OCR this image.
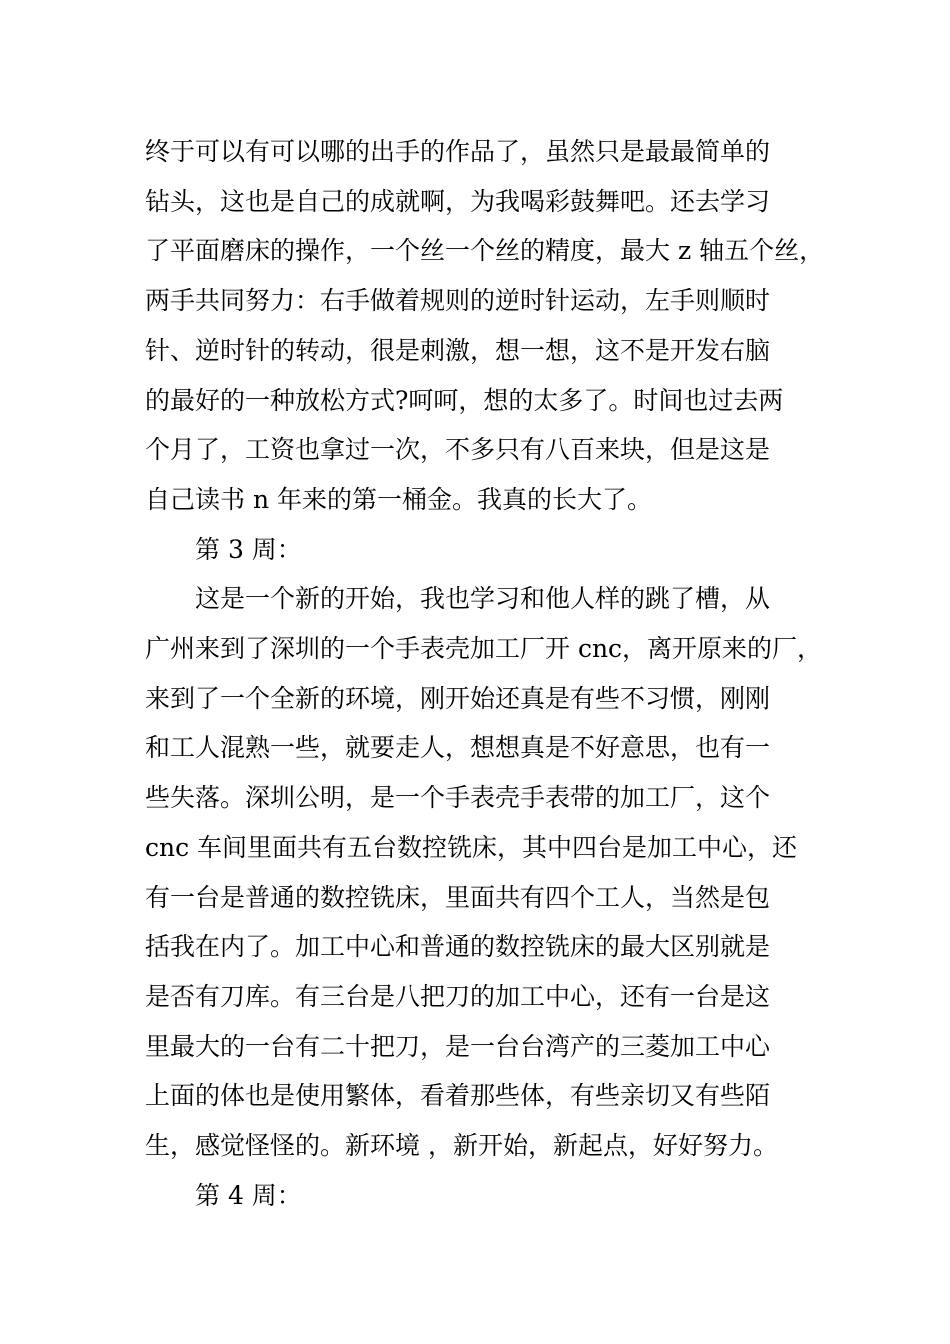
终于可以有可以哪的出手的作品了，虽然只是最最简单的
钻头，这也是自己的成就啊，为我喝彩鼓舞吧。还去学习
了平面磨床的操作，一个丝一个丝的精度，最大 z 轴五个丝，
两手共同努力：右手做着规则的逆时针运动，左手则顺时
针、逆时针的转动，很是刺激，想一想，这不是开发右脑
的最好的一种放松方式?呵呵，想的太多了。时间也过去两
个月了，工资也拿过一次，不多只有八百来块，但是这是
自己读书 n 年来的第一桶金。我真的长大了。
第 3 周：
这是一个新的开始，我也学习和他人样的跳了槽，从
广州来到了深圳的一个手表壳加工厂开 cnc，离开原来的厂，
来到了一个全新的环境，刚开始还真是有些不习惯，刚刚
和工人混熟一些，就要走人，想想真是不好意思，也有一
些失落。深圳公明，是一个手表壳手表带的加工厂，这个
cnc 车间里面共有五台数控铣床，其中四台是加工中心，还
有一台是普通的数控铣床，里面共有四个工人，当然是包
括我在内了。加工中心和普通的数控铣床的最大区别就是
是否有刀库。有三台是八把刀的加工中心，还有一台是这
里最大的一台有二十把刀，是一台台湾产的三菱加工中心
上面的体也是使用繁体，看着那些体，有些亲切又有些陌
生，感觉怪怪的。新环境 ，新开始，新起点，好好努力。
第 4 周：
